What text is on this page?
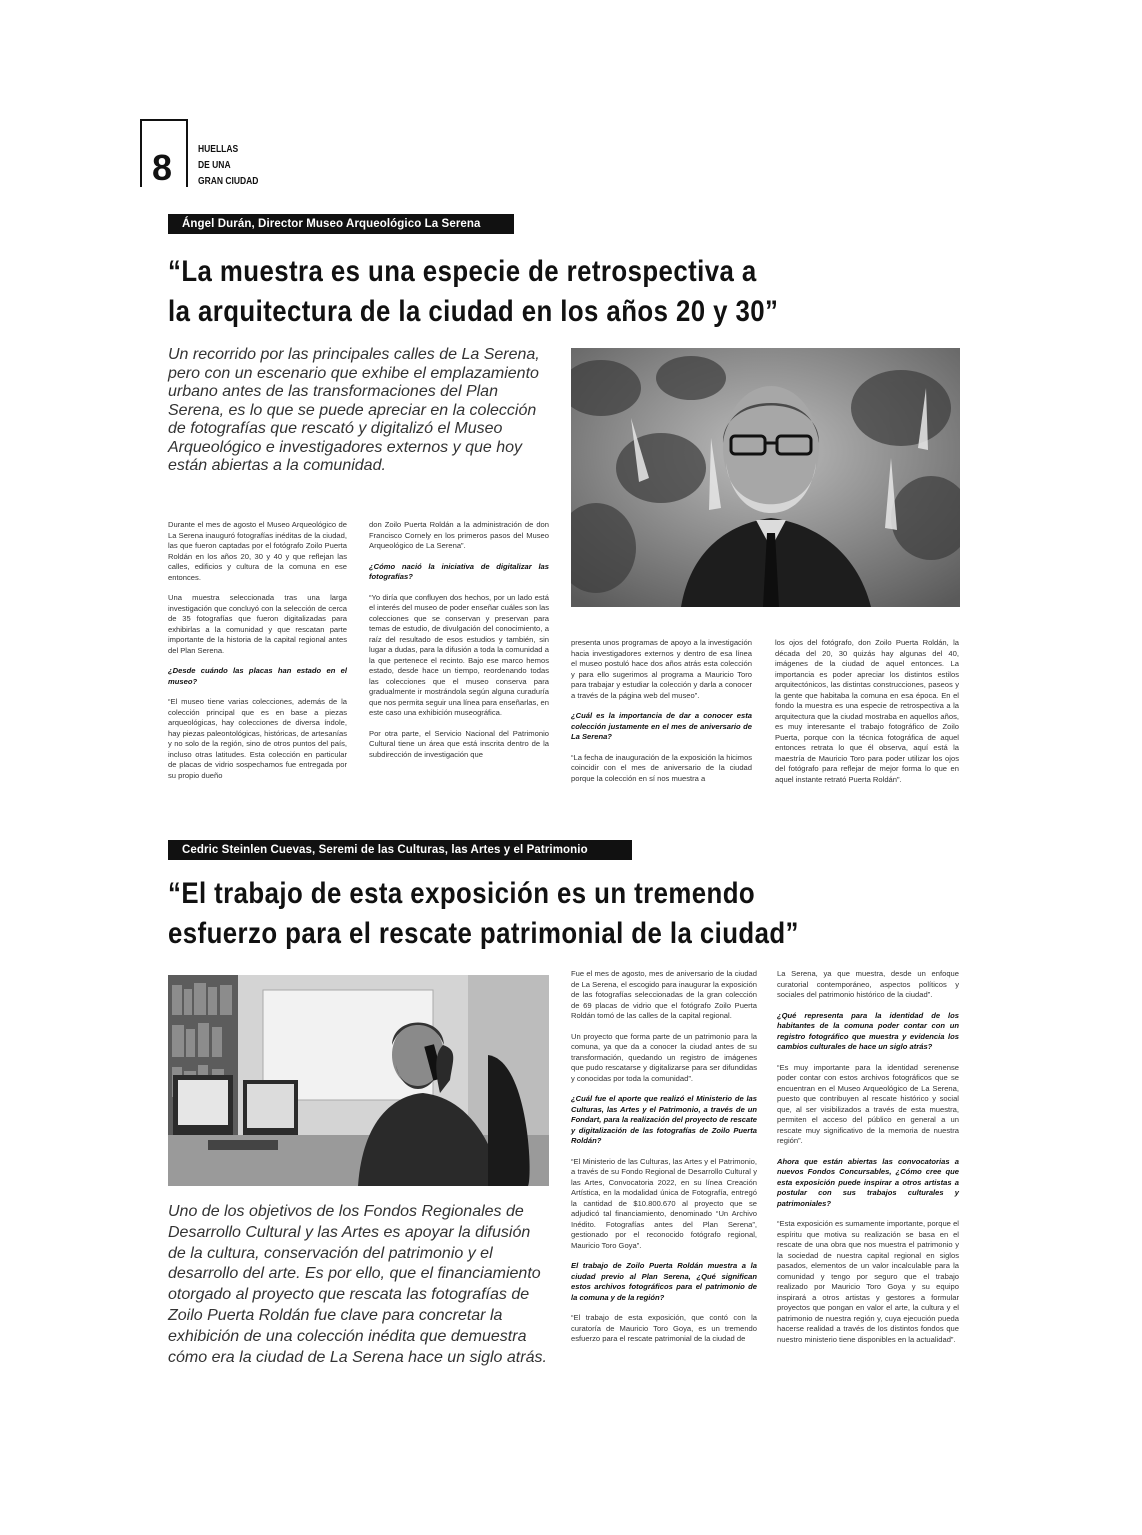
8	HUELLAS
DE UNA
GRAN CIUDAD
Ángel Durán, Director Museo Arqueológico La Serena
“La muestra es una especie de retrospectiva a
la arquitectura de la ciudad en los años 20 y 30”
Un recorrido por las principales calles de La Serena, pero con un escenario que exhibe el emplazamiento urbano antes de las transformaciones del Plan Serena, es lo que se puede apreciar en la colección de fotografías que rescató y digitalizó el Museo Arqueológico e investigadores externos y que hoy están abiertas a la comunidad.

Durante el mes de agosto el Museo Arqueológico de La Serena inauguró fotografías inéditas de la ciudad, las que fueron captadas por el fotógrafo Zoilo Puerta Roldán en los años 20, 30 y 40 y que reflejan las calles, edificios y cultura de la comuna en ese entonces.

Una muestra seleccionada tras una larga investigación que concluyó con la selección de cerca de 35 fotografías que fueron digitalizadas para exhibirlas a la comunidad y que rescatan parte importante de la historia de la capital regional antes del Plan Serena.

¿Desde cuándo las placas han estado en el museo?

“El museo tiene varias colecciones, además de la colección principal que es en base a piezas arqueológicas, hay colecciones de diversa índole, hay piezas paleontológicas, históricas, de artesanías y no solo de la región, sino de otros puntos del país, incluso otras latitudes. Esta colección en particular de placas de vidrio sospechamos fue entregada por su propio dueño

don Zoilo Puerta Roldán a la administración de don Francisco Cornely en los primeros pasos del Museo Arqueológico de La Serena”.

¿Cómo nació la iniciativa de digitalizar las fotografías?

“Yo diría que confluyen dos hechos, por un lado está el interés del museo de poder enseñar cuáles son las colecciones que se conservan y preservan para temas de estudio, de divulgación del conocimiento, a raíz del resultado de esos estudios y también, sin lugar a dudas, para la difusión a toda la comunidad a la que pertenece el recinto. Bajo ese marco hemos estado, desde hace un tiempo, reordenando todas las colecciones que el museo conserva para gradualmente ir mostrándola según alguna curaduría que nos permita seguir una línea para enseñarlas, en este caso una exhibición museográfica.

Por otra parte, el Servicio Nacional del Patrimonio Cultural tiene un área que está inscrita dentro de la subdirección de investigación que

presenta unos programas de apoyo a la investigación hacia investigadores externos y dentro de esa línea el museo postuló hace dos años atrás esta colección y para ello sugerimos al programa a Mauricio Toro para trabajar y estudiar la colección y darla a conocer a través de la página web del museo”.

¿Cuál es la importancia de dar a conocer esta colección justamente en el mes de aniversario de La Serena?

“La fecha de inauguración de la exposición la hicimos coincidir con el mes de aniversario de la ciudad porque la colección en sí nos muestra a

los ojos del fotógrafo, don Zoilo Puerta Roldán, la década del 20, 30 quizás hay algunas del 40, imágenes de la ciudad de aquel entonces. La importancia es poder apreciar los distintos estilos arquitectónicos, las distintas construcciones, paseos y la gente que habitaba la comuna en esa época. En el fondo la muestra es una especie de retrospectiva a la arquitectura que la ciudad mostraba en aquellos años, es muy interesante el trabajo fotográfico de Zoilo Puerta, porque con la técnica fotográfica de aquel entonces retrata lo que él observa, aquí está la maestría de Mauricio Toro para poder utilizar los ojos del fotógrafo para reflejar de mejor forma lo que en aquel instante retrató Puerta Roldán”.

Cedric Steinlen Cuevas, Seremi de las Culturas, las Artes y el Patrimonio
“El trabajo de esta exposición es un tremendo
esfuerzo para el rescate patrimonial de la ciudad”
Uno de los objetivos de los Fondos Regionales de Desarrollo Cultural y las Artes es apoyar la difusión de la cultura, conservación del patrimonio y el desarrollo del arte. Es por ello, que el financiamiento otorgado al proyecto que rescata las fotografías de Zoilo Puerta Roldán fue clave para concretar la exhibición de una colección inédita que demuestra cómo era la ciudad de La Serena hace un siglo atrás.

Fue el mes de agosto, mes de aniversario de la ciudad de La Serena, el escogido para inaugurar la exposición de las fotografías seleccionadas de la gran colección de 69 placas de vidrio que el fotógrafo Zoilo Puerta Roldán tomó de las calles de la capital regional.

Un proyecto que forma parte de un patrimonio para la comuna, ya que da a conocer la ciudad antes de su transformación, quedando un registro de imágenes que pudo rescatarse y digitalizarse para ser difundidas y conocidas por toda la comunidad”.

¿Cuál fue el aporte que realizó el Ministerio de las Culturas, las Artes y el Patrimonio, a través de un Fondart, para la realización del proyecto de rescate y digitalización de las fotografías de Zoilo Puerta Roldán?

“El Ministerio de las Culturas, las Artes y el Patrimonio, a través de su Fondo Regional de Desarrollo Cultural y las Artes, Convocatoria 2022, en su línea Creación Artística, en la modalidad única de Fotografía, entregó la cantidad de $10.800.670 al proyecto que se adjudicó tal financiamiento, denominado “Un Archivo Inédito. Fotografías antes del Plan Serena”, gestionado por el reconocido fotógrafo regional, Mauricio Toro Goya”.

El trabajo de Zoilo Puerta Roldán muestra a la ciudad previo al Plan Serena, ¿Qué significan estos archivos fotográficos para el patrimonio de la comuna y de la región?

“El trabajo de esta exposición, que contó con la curatoría de Mauricio Toro Goya, es un tremendo esfuerzo para el rescate patrimonial de la ciudad de

La Serena, ya que muestra, desde un enfoque curatorial contemporáneo, aspectos políticos y sociales del patrimonio histórico de la ciudad”.

¿Qué representa para la identidad de los habitantes de la comuna poder contar con un registro fotográfico que muestra y evidencia los cambios culturales de hace un siglo atrás?

“Es muy importante para la identidad serenense poder contar con estos archivos fotográficos que se encuentran en el Museo Arqueológico de La Serena, puesto que contribuyen al rescate histórico y social que, al ser visibilizados a través de esta muestra, permiten el acceso del público en general a un rescate muy significativo de la memoria de nuestra región”.

Ahora que están abiertas las convocatorias a nuevos Fondos Concursables, ¿Cómo cree que esta exposición puede inspirar a otros artistas a postular con sus trabajos culturales y patrimoniales?

“Esta exposición es sumamente importante, porque el espíritu que motiva su realización se basa en el rescate de una obra que nos muestra el patrimonio y la sociedad de nuestra capital regional en siglos pasados, elementos de un valor incalculable para la comunidad y tengo por seguro que el trabajo realizado por Mauricio Toro Goya y su equipo inspirará a otros artistas y gestores a formular proyectos que pongan en valor el arte, la cultura y el patrimonio de nuestra región y, cuya ejecución pueda hacerse realidad a través de los distintos fondos que nuestro ministerio tiene disponibles en la actualidad”.
